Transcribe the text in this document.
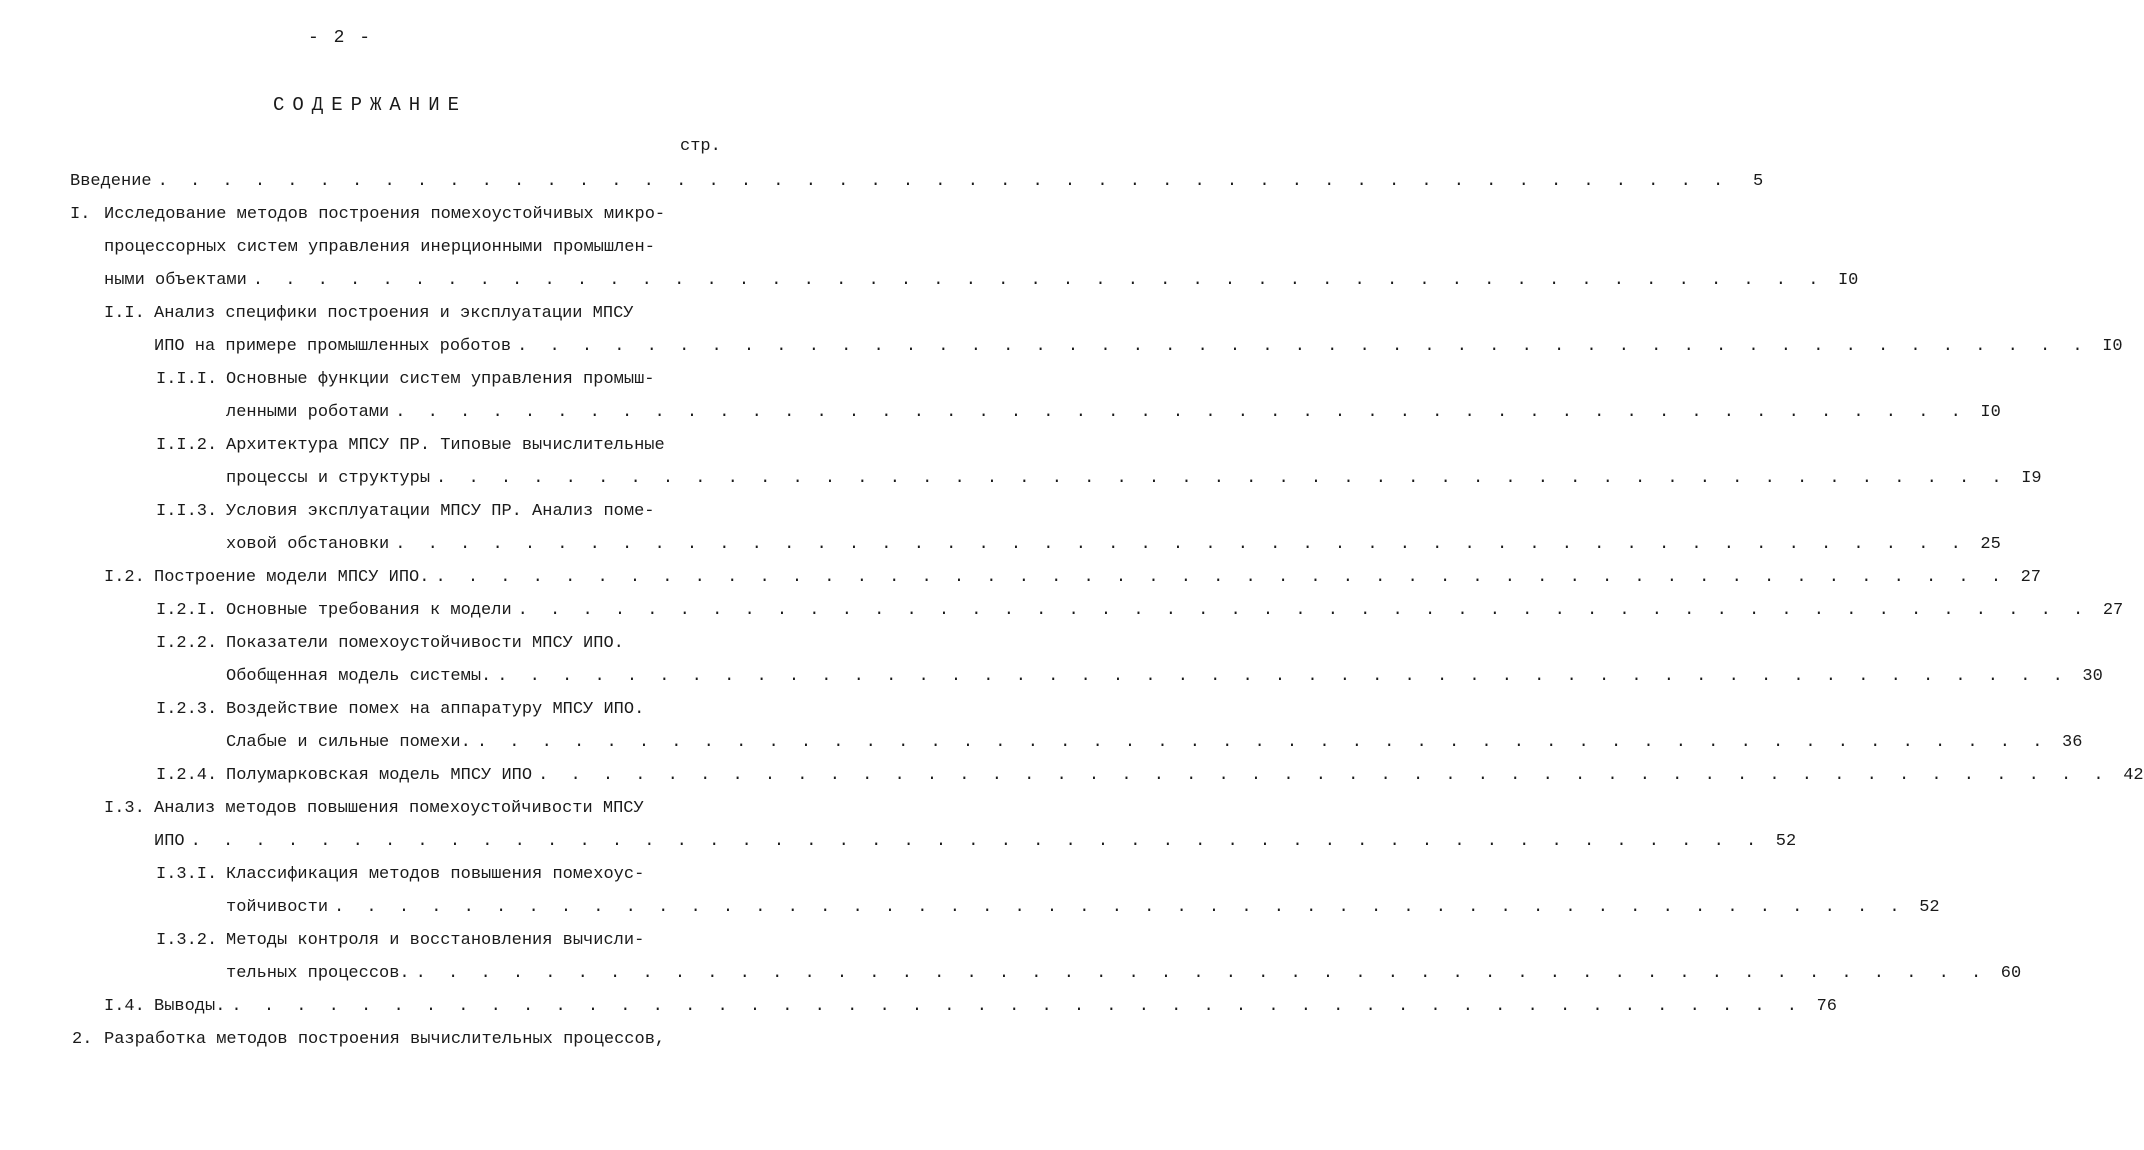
- 2 -
СОДЕРЖАНИЕ
стр.
Введение . . . . . . . . . . . . . . . . . . . . . . . . . . . . . . . . . . . . . . . . . . . . . . . . .	5
I. Исследование методов построения помехоустойчивых микро-
процессорных систем управления инерционными промышлен-
ными объектами . . . . . . . . . . . . . . . . . . . . . . . . . . . . . . . . . . . . . . . . . . . . . . . . . I0
I.I. Анализ специфики построения и эксплуатации МПСУ
ИПО на примере промышленных роботов . . . . . . . . . . . . . . . . . . . . . . . . . . . . . . . . . . . . . . . . . . . . . . . . . I0
I.I.I. Основные функции систем управления промыш-
ленными роботами . . . . . . . . . . . . . . . . . . . . . . . . . . . . . . . . . . . . . . . . . . . . . . . . . I0
I.I.2. Архитектура МПСУ ПР. Типовые вычислительные
процессы и структуры . . . . . . . . . . . . . . . . . . . . . . . . . . . . . . . . . . . . . . . . . . . . . . . . . I9
I.I.3. Условия эксплуатации МПСУ ПР. Анализ поме-
ховой обстановки . . . . . . . . . . . . . . . . . . . . . . . . . . . . . . . . . . . . . . . . . . . . . . . . . 25
I.2. Построение модели МПСУ ИПО. . . . . . . . . . . . . . . . . . . . . . . . . . . . . . . . . . . . . . . . . . . . . . . . . . 27
I.2.I. Основные требования к модели . . . . . . . . . . . . . . . . . . . . . . . . . . . . . . . . . . . . . . . . . . . . . . . . . 27
I.2.2. Показатели помехоустойчивости МПСУ ИПО.
Обобщенная модель системы. . . . . . . . . . . . . . . . . . . . . . . . . . . . . . . . . . . . . . . . . . . . . . . . . . 30
I.2.3. Воздействие помех на аппаратуру МПСУ ИПО.
Слабые и сильные помехи. . . . . . . . . . . . . . . . . . . . . . . . . . . . . . . . . . . . . . . . . . . . . . . . . . 36
I.2.4. Полумарковская модель МПСУ ИПО . . . . . . . . . . . . . . . . . . . . . . . . . . . . . . . . . . . . . . . . . . . . . . . . . 42
I.3. Анализ методов повышения помехоустойчивости МПСУ
ИПО . . . . . . . . . . . . . . . . . . . . . . . . . . . . . . . . . . . . . . . . . . . . . . . . . 52
I.3.I. Классификация методов повышения помехоус-
тойчивости . . . . . . . . . . . . . . . . . . . . . . . . . . . . . . . . . . . . . . . . . . . . . . . . . 52
I.3.2. Методы контроля и восстановления вычисли-
тельных процессов. . . . . . . . . . . . . . . . . . . . . . . . . . . . . . . . . . . . . . . . . . . . . . . . . . 60
I.4. Выводы. . . . . . . . . . . . . . . . . . . . . . . . . . . . . . . . . . . . . . . . . . . . . . . . . . 76
2. Разработка методов построения вычислительных процессов,
